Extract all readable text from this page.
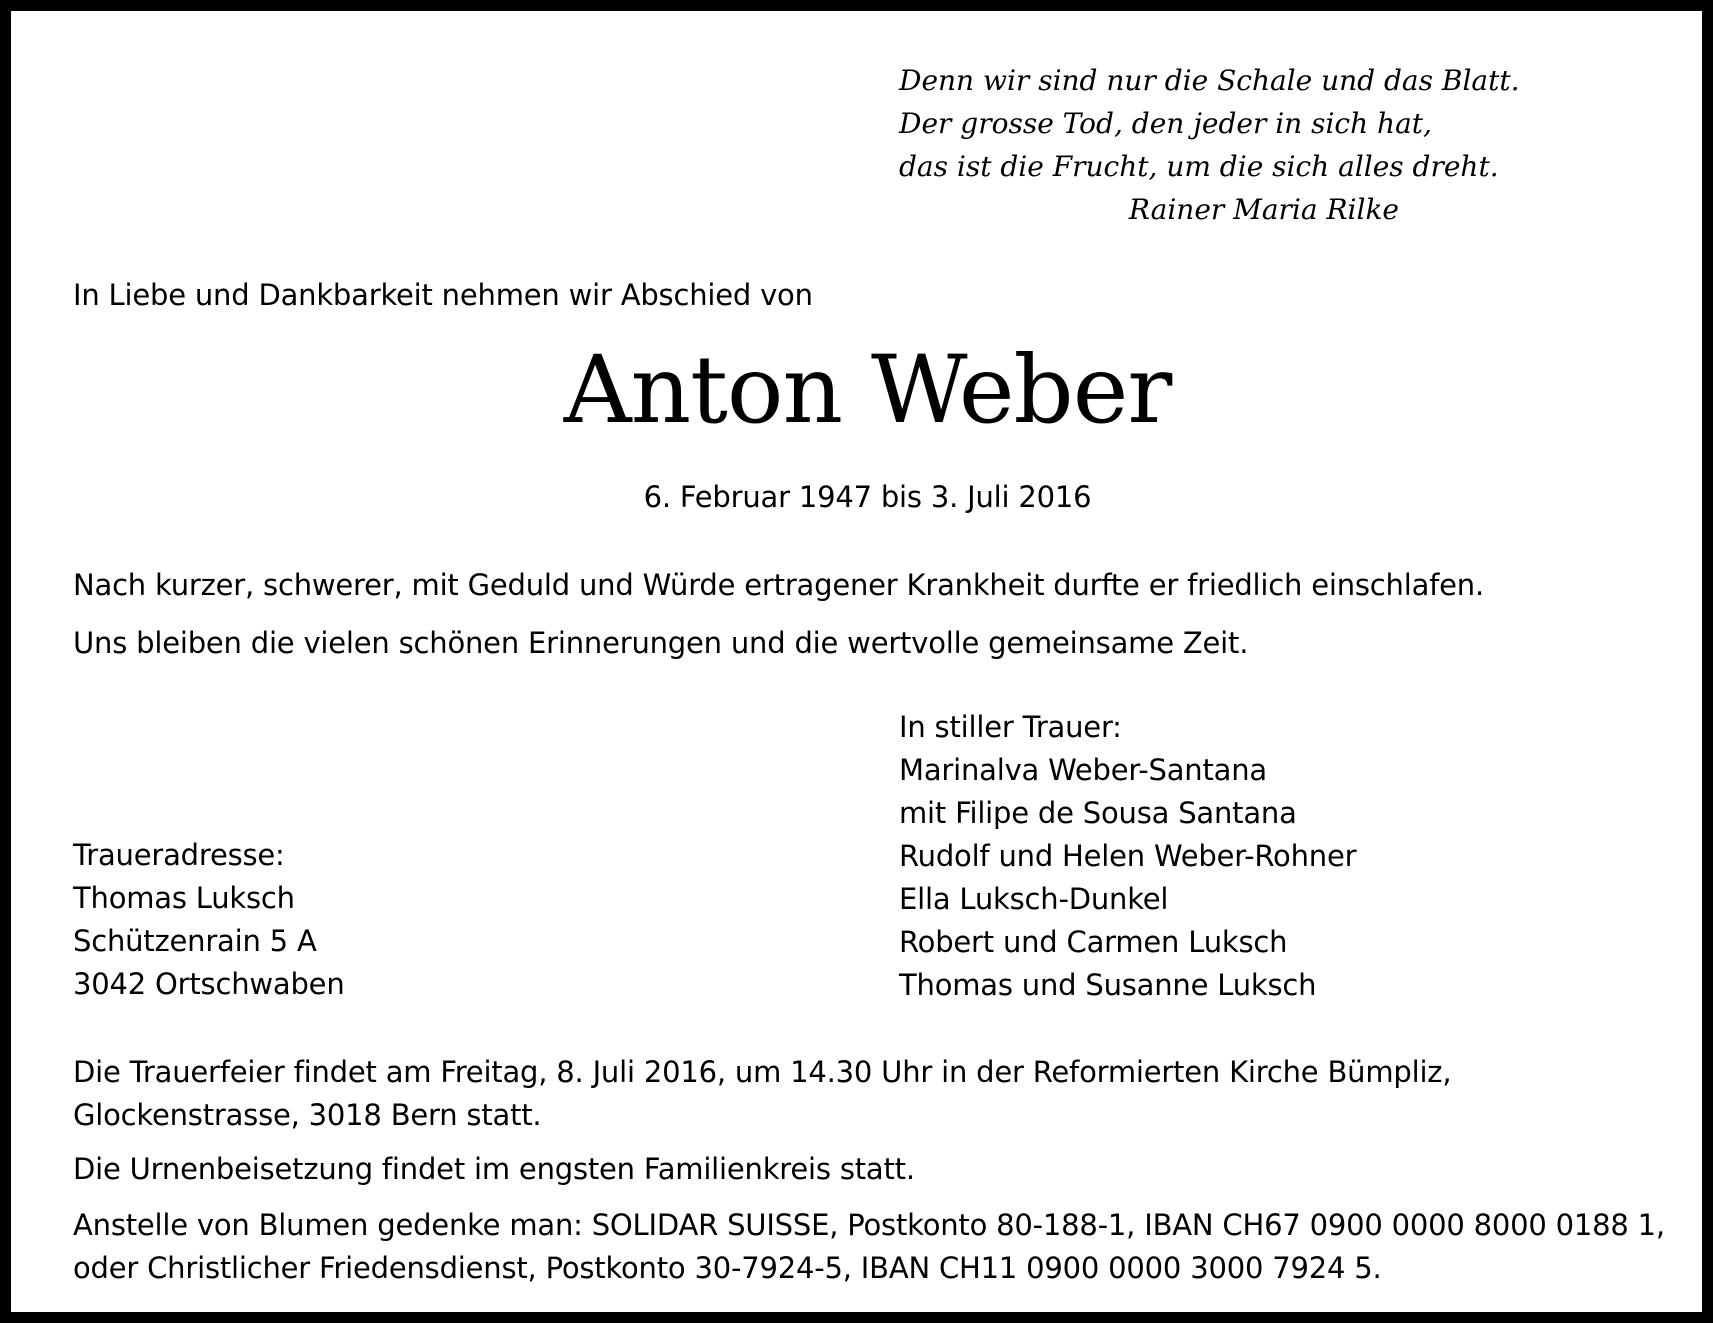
Denn wir sind nur die Schale und das Blatt.
Der grosse Tod, den jeder in sich hat,
das ist die Frucht, um die sich alles dreht.
Rainer Maria Rilke
In Liebe und Dankbarkeit nehmen wir Abschied von
Anton Weber
6. Februar 1947 bis 3. Juli 2016
Nach kurzer, schwerer, mit Geduld und Würde ertragener Krankheit durfte er friedlich einschlafen.
Uns bleiben die vielen schönen Erinnerungen und die wertvolle gemeinsame Zeit.
In stiller Trauer:
Marinalva Weber-Santana
mit Filipe de Sousa Santana
Rudolf und Helen Weber-Rohner
Ella Luksch-Dunkel
Robert und Carmen Luksch
Thomas und Susanne Luksch
Traueradresse:
Thomas Luksch
Schützenrain 5 A
3042 Ortschwaben
Die Trauerfeier findet am Freitag, 8. Juli 2016, um 14.30 Uhr in der Reformierten Kirche Bümpliz, Glockenstrasse, 3018 Bern statt.
Die Urnenbeisetzung findet im engsten Familienkreis statt.
Anstelle von Blumen gedenke man: SOLIDAR SUISSE, Postkonto 80-188-1, IBAN CH67 0900 0000 8000 0188 1, oder Christlicher Friedensdienst, Postkonto 30-7924-5, IBAN CH11 0900 0000 3000 7924 5.
